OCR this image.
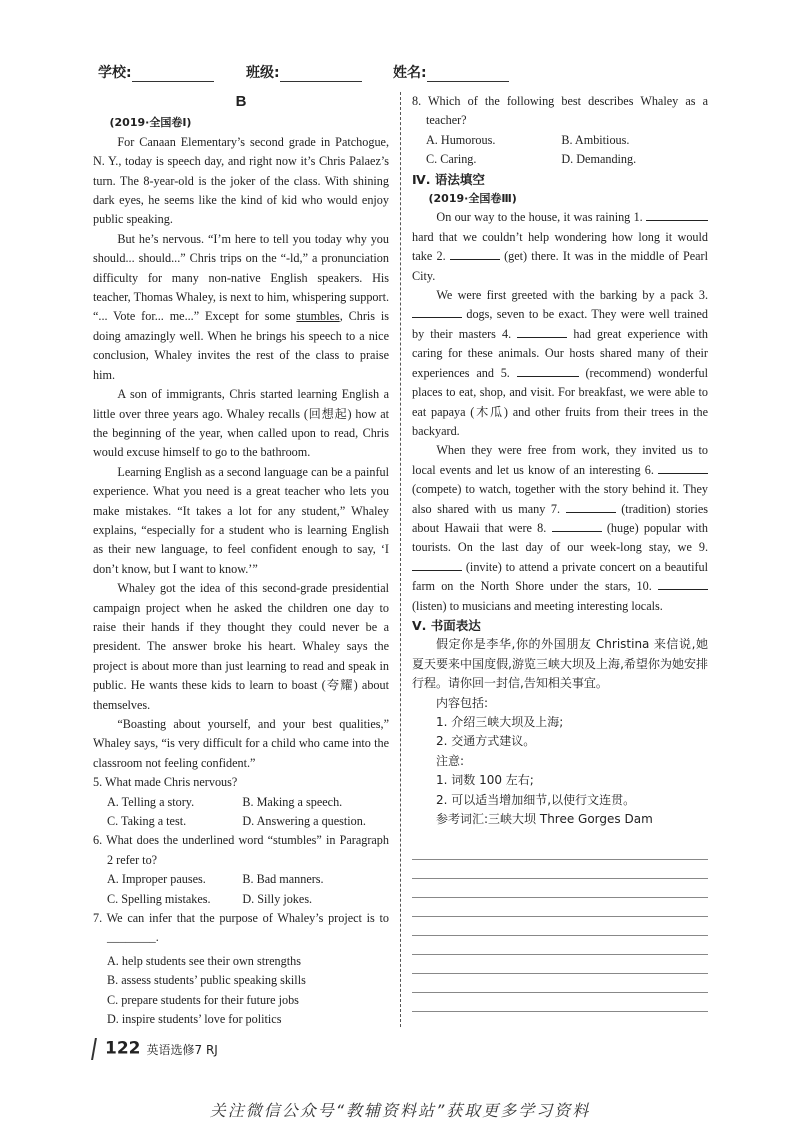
学校:	班级:	姓名:
B
(2019·全国卷Ⅰ)

For Canaan Elementary’s second grade in Patchogue, N. Y., today is speech day, and right now it’s Chris Palaez’s turn. The 8-year-old is the joker of the class. With shining dark eyes, he seems like the kind of kid who would enjoy public speaking.

But he’s nervous. “I’m here to tell you today why you should... should...” Chris trips on the “-ld,” a pronunciation difficulty for many non-native English speakers. His teacher, Thomas Whaley, is next to him, whispering support. “... Vote for... me...” Except for some stumbles, Chris is doing amazingly well. When he brings his speech to a nice conclusion, Whaley invites the rest of the class to praise him.

A son of immigrants, Chris started learning English a little over three years ago. Whaley recalls (回想起) how at the beginning of the year, when called upon to read, Chris would excuse himself to go to the bathroom.

Learning English as a second language can be a painful experience. What you need is a great teacher who lets you make mistakes. “It takes a lot for any student,” Whaley explains, “especially for a student who is learning English as their new language, to feel confident enough to say, ‘I don’t know, but I want to know.’”

Whaley got the idea of this second-grade presidential campaign project when he asked the children one day to raise their hands if they thought they could never be a president. The answer broke his heart. Whaley says the project is about more than just learning to read and speak in public. He wants these kids to learn to boast (夸耀) about themselves.

“Boasting about yourself, and your best qualities,” Whaley says, “is very difficult for a child who came into the classroom not feeling confident.”

5. What made Chris nervous?

A. Telling a story.	B. Making a speech.
C. Taking a test.	D. Answering a question.

6. What does the underlined word “stumbles” in Paragraph 2 refer to?

A. Improper pauses.	B. Bad manners.
C. Spelling mistakes.	D. Silly jokes.

7. We can infer that the purpose of Whaley’s project is to ________.

A. help students see their own strengths
B. assess students’ public speaking skills
C. prepare students for their future jobs
D. inspire students’ love for politics

8. Which of the following best describes Whaley as a teacher?

A. Humorous.	B. Ambitious.
C. Caring.	D. Demanding.
Ⅳ. 语法填空
(2019·全国卷Ⅲ)

On our way to the house, it was raining 1.  hard that we couldn’t help wondering how long it would take 2.	(get) there. It was in the middle of Pearl City.

We were first greeted with the barking by a pack 3.  dogs, seven to be exact. They were well trained by their masters 4.	had great experience with caring for these animals. Our hosts shared many of their experiences and 5.	(recommend) wonderful places to eat, shop, and visit. For breakfast, we were able to eat papaya (木瓜) and other fruits from their trees in the backyard.

When they were free from work, they invited us to local events and let us know of an interesting 6.  (compete) to watch, together with the story behind it. They also shared with us many 7.	(tradition) stories about Hawaii that were 8.	(huge) popular with tourists. On the last day of our week-long stay, we 9.  (invite) to attend a private concert on a beautiful farm on the North Shore under the stars, 10.  (listen) to musicians and meeting interesting locals.

Ⅴ. 书面表达

假定你是李华,你的外国朋友 Christina 来信说,她夏天要来中国度假,游览三峡大坝及上海,希望你为她安排行程。请你回一封信,告知相关事宜。

内容包括:
1. 介绍三峡大坝及上海;
2. 交通方式建议。
注意:
1. 词数 100 左右;
2. 可以适当增加细节,以使行文连贯。
参考词汇:三峡大坝 Three Gorges Dam
122 英语选修7 RJ
关注微信公众号“教辅资料站”获取更多学习资料
